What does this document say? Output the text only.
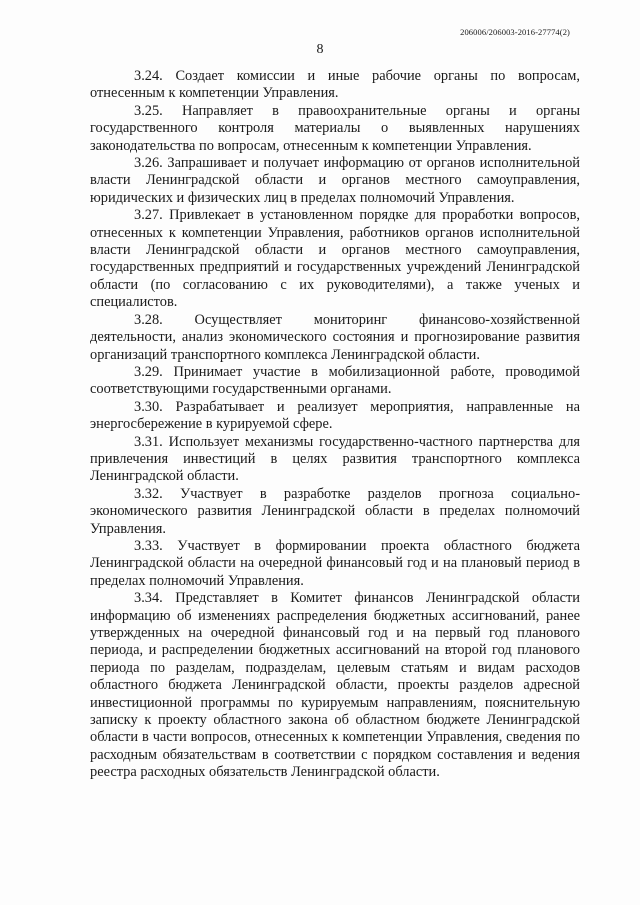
206006/206003-2016-27774(2)
8

3.24. Создает комиссии и иные рабочие органы по вопросам, отнесенным к компетенции Управления.

3.25. Направляет в правоохранительные органы и органы государственного контроля материалы о выявленных нарушениях законодательства по вопросам, отнесенным к компетенции Управления.

3.26. Запрашивает и получает информацию от органов исполнительной власти Ленинградской области и органов местного самоуправления, юридических и физических лиц в пределах полномочий Управления.

3.27. Привлекает в установленном порядке для проработки вопросов, отнесенных к компетенции Управления, работников органов исполнительной власти Ленинградской области и органов местного самоуправления, государственных предприятий и государственных учреждений Ленинградской области (по согласованию с их руководителями), а также ученых и специалистов.

3.28. Осуществляет мониторинг финансово-хозяйственной деятельности, анализ экономического состояния и прогнозирование развития организаций транспортного комплекса Ленинградской области.

3.29. Принимает участие в мобилизационной работе, проводимой соответствующими государственными органами.

3.30. Разрабатывает и реализует мероприятия, направленные на энергосбережение в курируемой сфере.

3.31. Использует механизмы государственно-частного партнерства для привлечения инвестиций в целях развития транспортного комплекса Ленинградской области.

3.32. Участвует в разработке разделов прогноза социально-экономического развития Ленинградской области в пределах полномочий Управления.

3.33. Участвует в формировании проекта областного бюджета Ленинградской области на очередной финансовый год и на плановый период в пределах полномочий Управления.

3.34. Представляет в Комитет финансов Ленинградской области информацию об изменениях распределения бюджетных ассигнований, ранее утвержденных на очередной финансовый год и на первый год планового периода, и распределении бюджетных ассигнований на второй год планового периода по разделам, подразделам, целевым статьям и видам расходов областного бюджета Ленинградской области, проекты разделов адресной инвестиционной программы по курируемым направлениям, пояснительную записку к проекту областного закона об областном бюджете Ленинградской области в части вопросов, отнесенных к компетенции Управления, сведения по расходным обязательствам в соответствии с порядком составления и ведения реестра расходных обязательств Ленинградской области.
